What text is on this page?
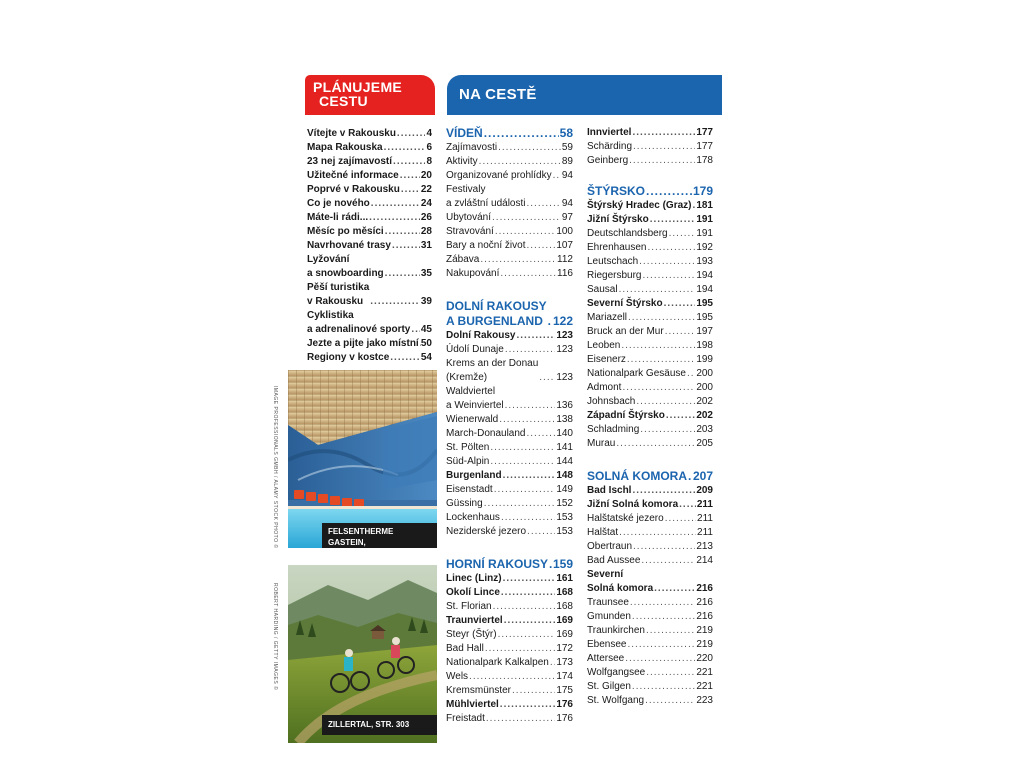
PLÁNUJEME
CESTU	NA CESTĚ
Vítejte v Rakousku .....	4
Mapa Rakouska .....	6
23 nej zajímavostí .....	8
Užitečné informace ..... 20
Poprvé v Rakousku ..... 22
Co je nového .....	24
Máte-li rádi... .....	26
Měsíc po měsíci .....	28
Navrhované trasy .....	31
Lyžování
a snowboarding .....	35
Pěší turistika
v Rakousku .....	39
Cyklistika
a adrenalinové sporty ..... 45
Jezte a pijte jako místní ..... 50
Regiony v kostce .....	54
FELSENTHERME GASTEIN,
IMAGE PROFESSIONALS GMBH / ALAMY STOCK PHOTO ©
ZILLERTAL, STR. 303
ROBERT HARDING / GETTY IMAGES ©
VÍDEŇ .....	58
Zajímavosti .....	59
Aktivity .....	89
Organizované prohlídky ..... 94
Festivaly
a zvláštní události .....	94
Ubytování .....	97
Stravování .....	100
Bary a noční život .....	107
Zábava .....	112
Nakupování .....	116
DOLNÍ RAKOUSY
A BURGENLAND ..... 122
Dolní Rakousy .....	123
Údolí Dunaje .....	123
Krems an der Donau
(Kremže) .....	123
Waldviertel
a Weinviertel .....	136
Wienerwald .....	138
March-Donauland .....	140
St. Pölten .....	141
Süd-Alpin .....	144
Burgenland .....	148
Eisenstadt .....	149
Güssing .....	152
Lockenhaus .....	153
Neziderské jezero .....	153
HORNÍ RAKOUSY ..... 159
Linec (Linz) .....	161
Okolí Lince .....	168
St. Florian .....	168
Traunviertel .....	169
Steyr (Štýr) .....	169
Bad Hall .....	172
Nationalpark Kalkalpen ..... 173
Wels .....	174
Kremsmünster .....	175
Mühlviertel .....	176
Freistadt .....	176
Innviertel .....	177
Schärding .....	177
Geinberg .....	178
ŠTÝRSKO .....	179
Štýrský Hradec (Graz) ..... 181
Jižní Štýrsko .....	191
Deutschlandsberg .....	191
Ehrenhausen .....	192
Leutschach .....	193
Riegersburg .....	194
Sausal .....	194
Severní Štýrsko .....	195
Mariazell .....	195
Bruck an der Mur .....	197
Leoben .....	198
Eisenerz .....	199
Nationalpark Gesäuse ..... 200
Admont .....	200
Johnsbach .....	202
Západní Štýrsko .....	202
Schladming .....	203
Murau .....	205
SOLNÁ KOMORA ..... 207
Bad Ischl .....	209
Jižní Solná komora ..... 211
Halštatské jezero .....	211
Halštat .....	211
Obertraun .....	213
Bad Aussee .....	214
Severní
Solná komora .....	216
Traunsee .....	216
Gmunden .....	216
Traunkirchen .....	219
Ebensee .....	219
Attersee .....	220
Wolfgangsee .....	221
St. Gilgen .....	221
St. Wolfgang .....	223
